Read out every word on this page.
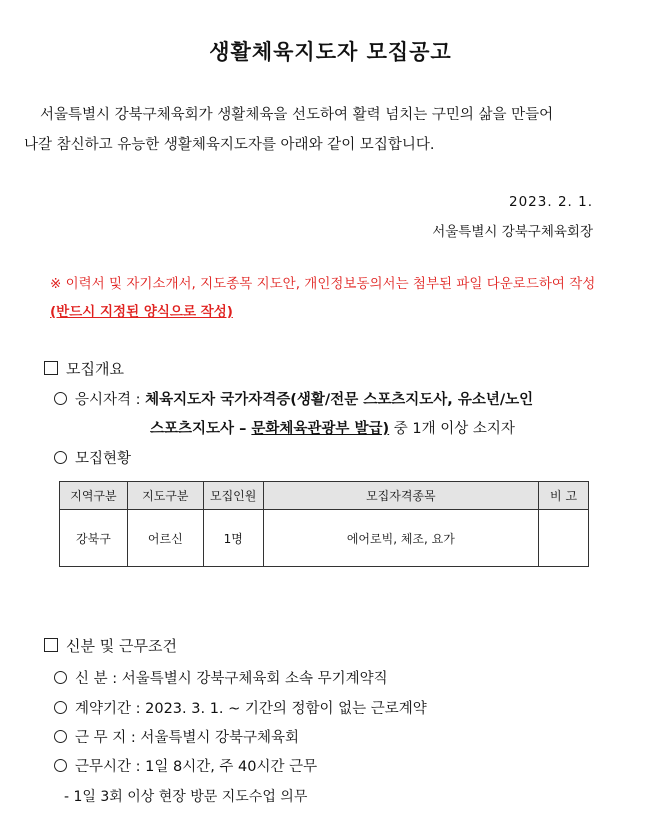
생활체육지도자 모집공고

서울특별시 강북구체육회가 생활체육을 선도하여 활력 넘치는 구민의 삶을 만들어

나갈 참신하고 유능한 생활체육지도자를 아래와 같이 모집합니다.

2023. 2. 1.
서울특별시 강북구체육회장
※ 이력서 및 자기소개서, 지도종목 지도안, 개인정보동의서는 첨부된 파일 다운로드하여 작성
(반드시 지정된 양식으로 작성)
모집개요
응시자격 : 체육지도자 국가자격증(생활/전문 스포츠지도사, 유소년/노인
스포츠지도사 – 문화체육관광부 발급) 중 1개 이상 소지자
모집현황
지역구분	지도구분	모집인원	모집자격종목	비 고
강북구	어르신	1명	에어로빅, 체조, 요가	
신분 및 근무조건
신 분 : 서울특별시 강북구체육회 소속 무기계약직
계약기간 : 2023. 3. 1. ~ 기간의 정함이 없는 근로계약
근 무 지 : 서울특별시 강북구체육회
근무시간 : 1일 8시간, 주 40시간 근무
- 1일 3회 이상 현장 방문 지도수업 의무
